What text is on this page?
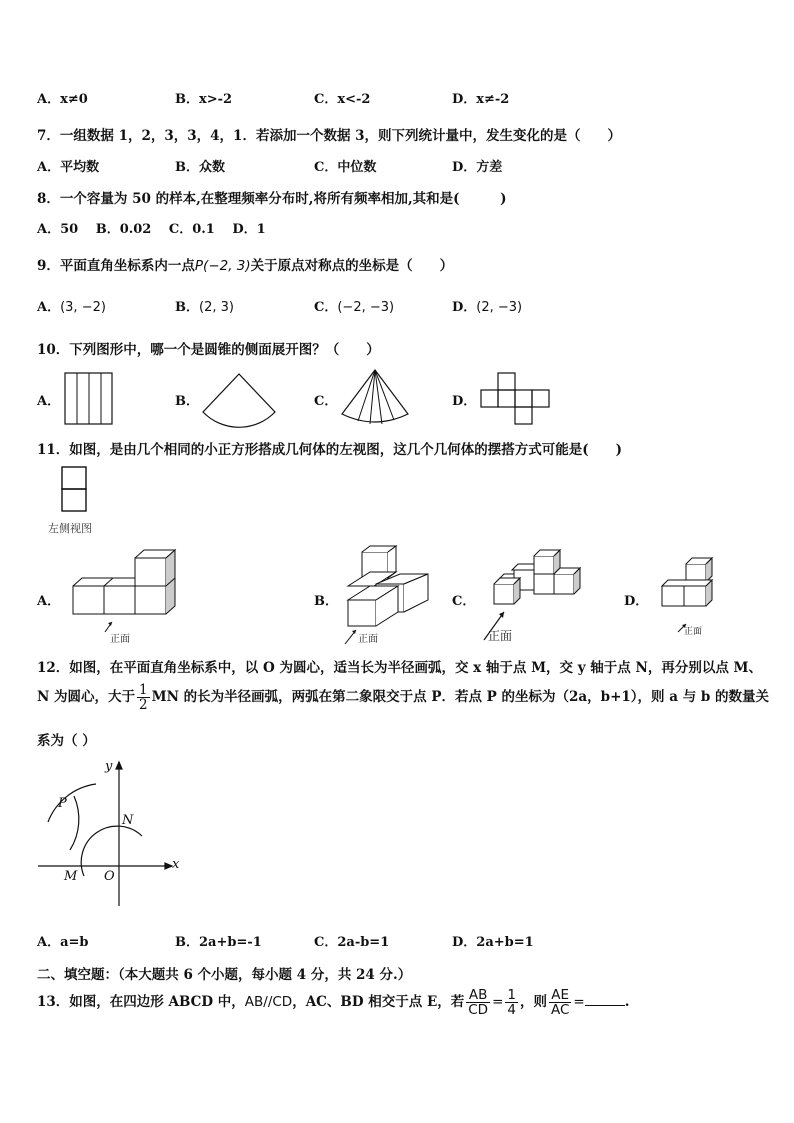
A．x≠0	B．x>-2	C．x<-2	D．x≠-2
7．一组数据 1，2，3，3，4，1．若添加一个数据 3，则下列统计量中，发生变化的是（　　）
A．平均数	B．众数	C．中位数	D．方差
8．一个容量为 50 的样本,在整理频率分布时,将所有频率相加,其和是(　　　)
A．50　 B．0.02　 C．0.1　 D．1
9．平面直角坐标系内一点P(−2, 3)关于原点对称点的坐标是（　　）
A．(3, −2)	B．(2, 3)	C．(−2, −3)	D．(2, −3)
10．下列图形中，哪一个是圆锥的侧面展开图？（　　）
A．	B．	C．	D．
11．如图，是由几个相同的小正方形搭成几何体的左视图，这几个几何体的摆搭方式可能是(　　)
左侧视图
A．	B．	C．	D．
正面	正面	正面	正面
12．如图，在平面直角坐标系中，以 O 为圆心，适当长为半径画弧，交 x 轴于点 M，交 y 轴于点 N，再分别以点 M、
N 为圆心，大于 $\frac{1}{2}$ MN 的长为半径画弧，两弧在第二象限交于点 P．若点 P 的坐标为（2a，b+1），则 a 与 b 的数量关
系为（ ）
y
x
P
N
M O
A．a=b	B．2a+b=-1	C．2a-b=1	D．2a+b=1
二、填空题：（本大题共 6 个小题，每小题 4 分，共 24 分.）
13．如图，在四边形 ABCD 中，AB//CD，AC、BD 相交于点 E，若 $\frac{AB}{CD} = \frac{1}{4}$ ，则 $\frac{AE}{AC}$ =	.
